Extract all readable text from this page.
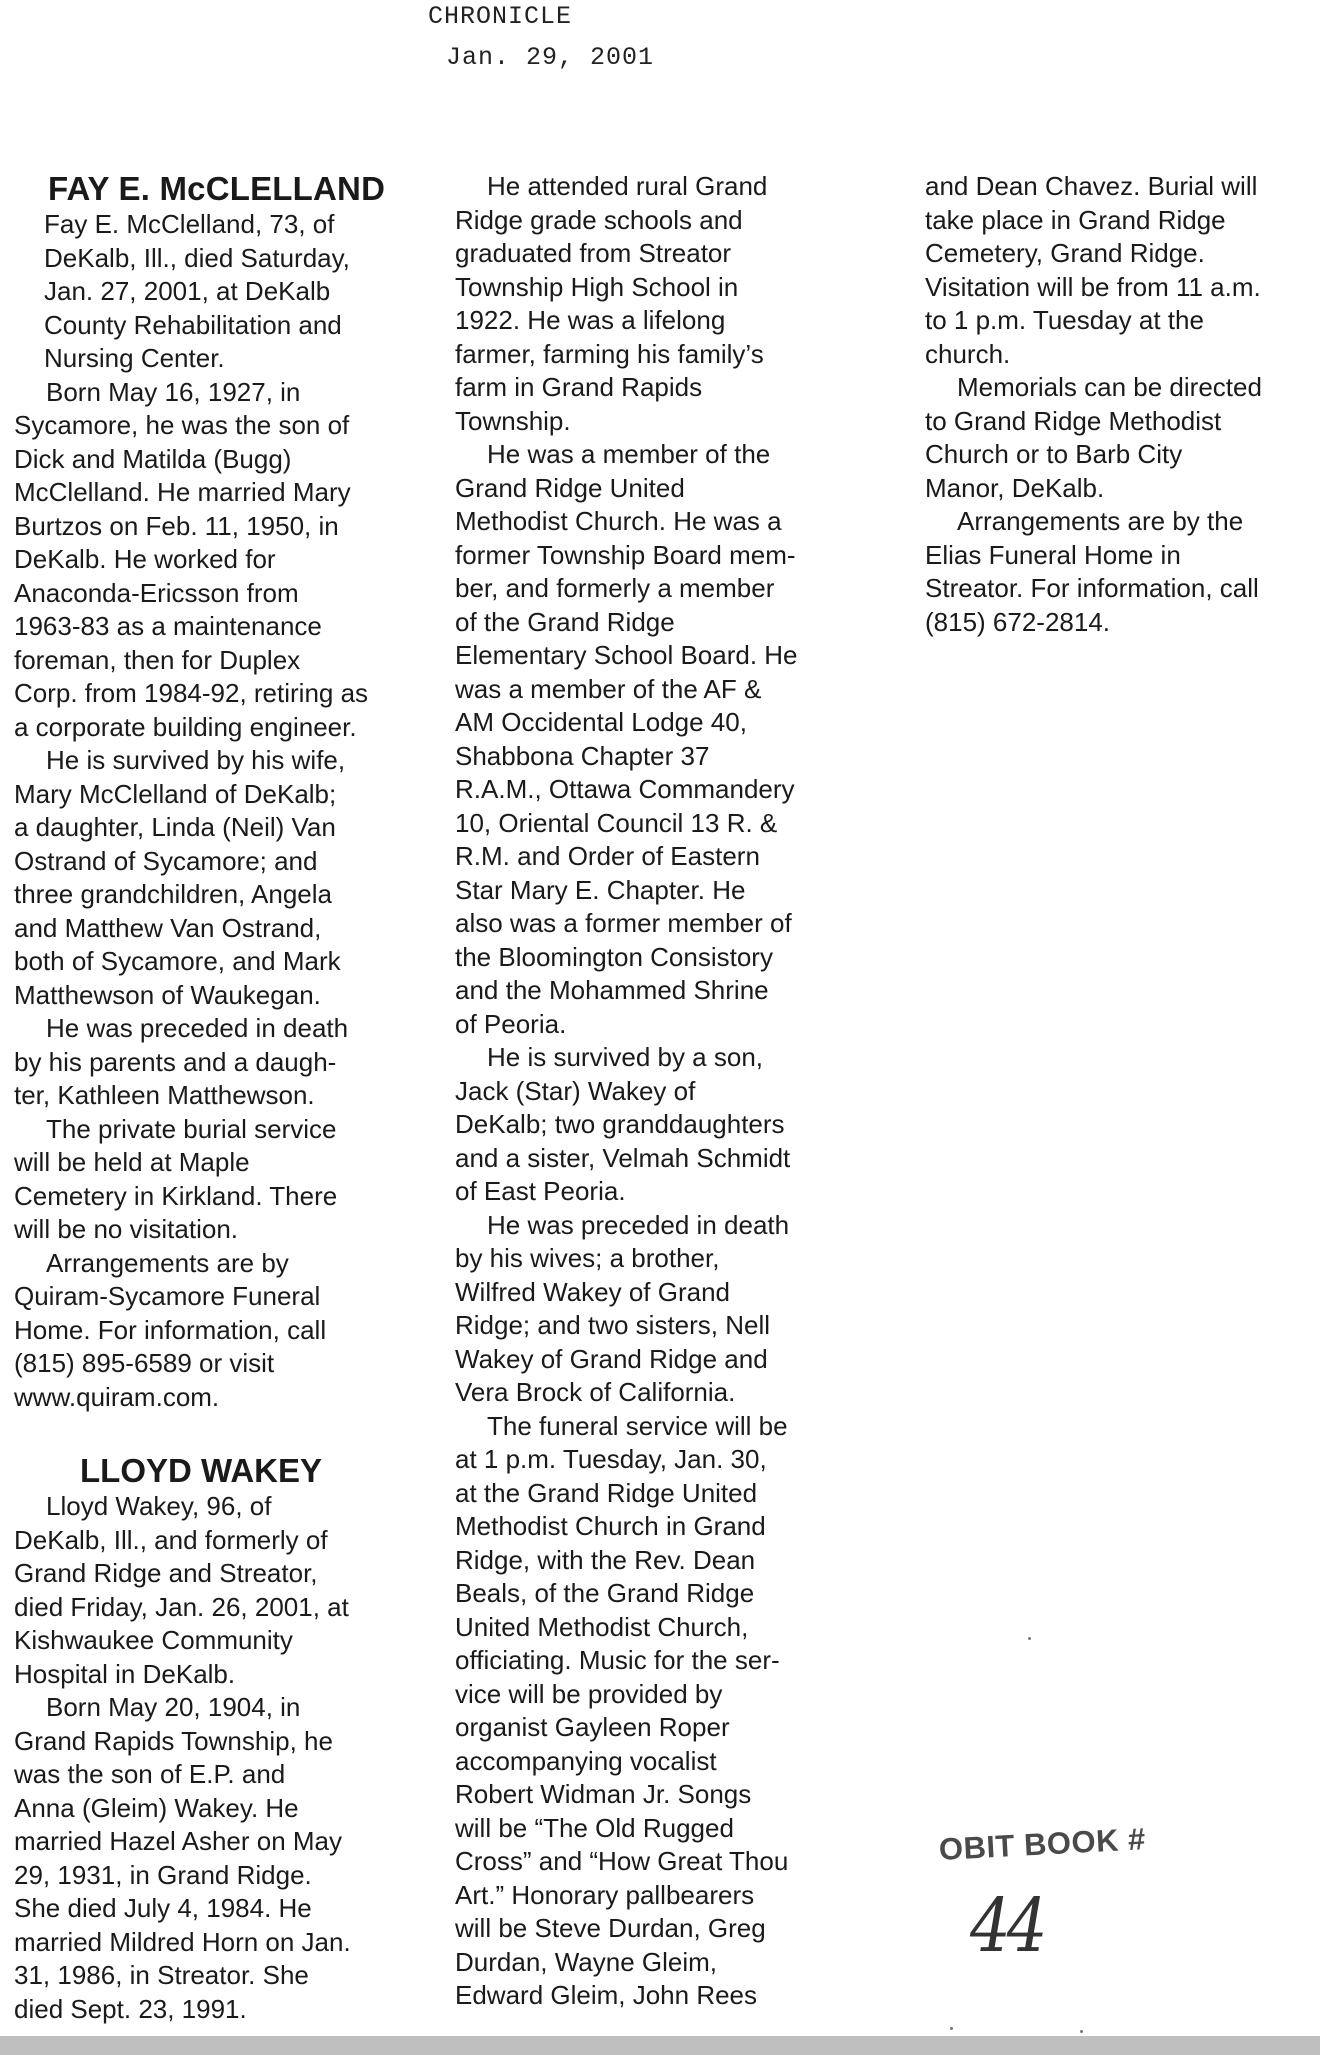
CHRONICLE
Jan. 29, 2001
FAY E. McCLELLAND

Fay E. McClelland, 73, of
DeKalb, Ill., died Saturday,
Jan. 27, 2001, at DeKalb
County Rehabilitation and
Nursing Center.

Born May 16, 1927, in
Sycamore, he was the son of
Dick and Matilda (Bugg)
McClelland. He married Mary
Burtzos on Feb. 11, 1950, in
DeKalb. He worked for
Anaconda-Ericsson from
1963-83 as a maintenance
foreman, then for Duplex
Corp. from 1984-92, retiring as
a corporate building engineer.

He is survived by his wife,
Mary McClelland of DeKalb;
a daughter, Linda (Neil) Van
Ostrand of Sycamore; and
three grandchildren, Angela
and Matthew Van Ostrand,
both of Sycamore, and Mark
Matthewson of Waukegan.

He was preceded in death
by his parents and a daugh-
ter, Kathleen Matthewson.

The private burial service
will be held at Maple
Cemetery in Kirkland. There
will be no visitation.

Arrangements are by
Quiram-Sycamore Funeral
Home. For information, call
(815) 895-6589 or visit
www.quiram.com.

LLOYD WAKEY

Lloyd Wakey, 96, of
DeKalb, Ill., and formerly of
Grand Ridge and Streator,
died Friday, Jan. 26, 2001, at
Kishwaukee Community
Hospital in DeKalb.

Born May 20, 1904, in
Grand Rapids Township, he
was the son of E.P. and
Anna (Gleim) Wakey. He
married Hazel Asher on May
29, 1931, in Grand Ridge.
She died July 4, 1984. He
married Mildred Horn on Jan.
31, 1986, in Streator. She
died Sept. 23, 1991.

He attended rural Grand
Ridge grade schools and
graduated from Streator
Township High School in
1922. He was a lifelong
farmer, farming his family’s
farm in Grand Rapids
Township.

He was a member of the
Grand Ridge United
Methodist Church. He was a
former Township Board mem-
ber, and formerly a member
of the Grand Ridge
Elementary School Board. He
was a member of the AF &
AM Occidental Lodge 40,
Shabbona Chapter 37
R.A.M., Ottawa Commandery
10, Oriental Council 13 R. &
R.M. and Order of Eastern
Star Mary E. Chapter. He
also was a former member of
the Bloomington Consistory
and the Mohammed Shrine
of Peoria.

He is survived by a son,
Jack (Star) Wakey of
DeKalb; two granddaughters
and a sister, Velmah Schmidt
of East Peoria.

He was preceded in death
by his wives; a brother,
Wilfred Wakey of Grand
Ridge; and two sisters, Nell
Wakey of Grand Ridge and
Vera Brock of California.

The funeral service will be
at 1 p.m. Tuesday, Jan. 30,
at the Grand Ridge United
Methodist Church in Grand
Ridge, with the Rev. Dean
Beals, of the Grand Ridge
United Methodist Church,
officiating. Music for the ser-
vice will be provided by
organist Gayleen Roper
accompanying vocalist
Robert Widman Jr. Songs
will be “The Old Rugged
Cross” and “How Great Thou
Art.” Honorary pallbearers
will be Steve Durdan, Greg
Durdan, Wayne Gleim,
Edward Gleim, John Rees

and Dean Chavez. Burial will
take place in Grand Ridge
Cemetery, Grand Ridge.
Visitation will be from 11 a.m.
to 1 p.m. Tuesday at the
church.

Memorials can be directed
to Grand Ridge Methodist
Church or to Barb City
Manor, DeKalb.

Arrangements are by the
Elias Funeral Home in
Streator. For information, call
(815) 672-2814.

OBIT BOOK #
44
